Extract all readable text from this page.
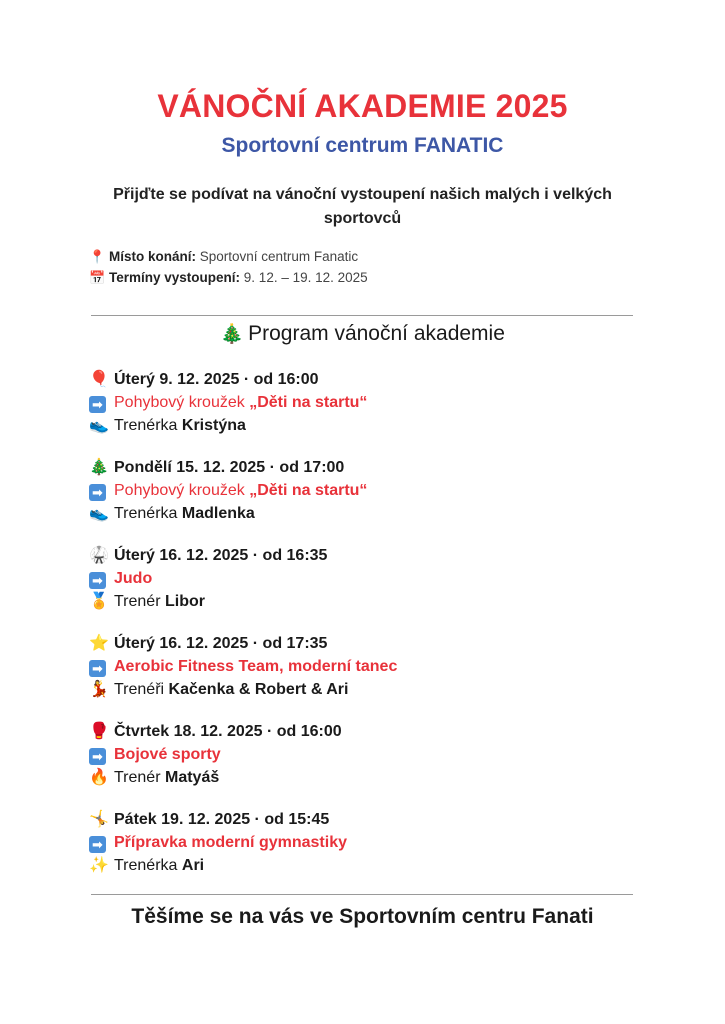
VÁNOČNÍ AKADEMIE 2025
Sportovní centrum FANATIC
Přijďte se podívat na vánoční vystoupení našich malých i velkých sportovců
📍 Místo konání: Sportovní centrum Fanatic
📅 Termíny vystoupení: 9. 12. – 19. 12. 2025
🎄 Program vánoční akademie
🎈 Úterý 9. 12. 2025 · od 16:00
➡ Pohybový kroužek „Děti na startu“
👟 Trenérka Kristýna
🎄 Pondělí 15. 12. 2025 · od 17:00
➡ Pohybový kroužek „Děti na startu“
👟 Trenérka Madlenka
🥋 Úterý 16. 12. 2025 · od 16:35
➡ Judo
🏅 Trenér Libor
⭐ Úterý 16. 12. 2025 · od 17:35
➡ Aerobic Fitness Team, moderní tanec
💃 Trenéři Kačenka & Robert & Ari
🥊 Čtvrtek 18. 12. 2025 · od 16:00
➡ Bojové sporty
🔥 Trenér Matyáš
🤸 Pátek 19. 12. 2025 · od 15:45
➡ Přípravka moderní gymnastiky
✨ Trenérka Ari
Těšíme se na vás ve Sportovním centru Fanati
